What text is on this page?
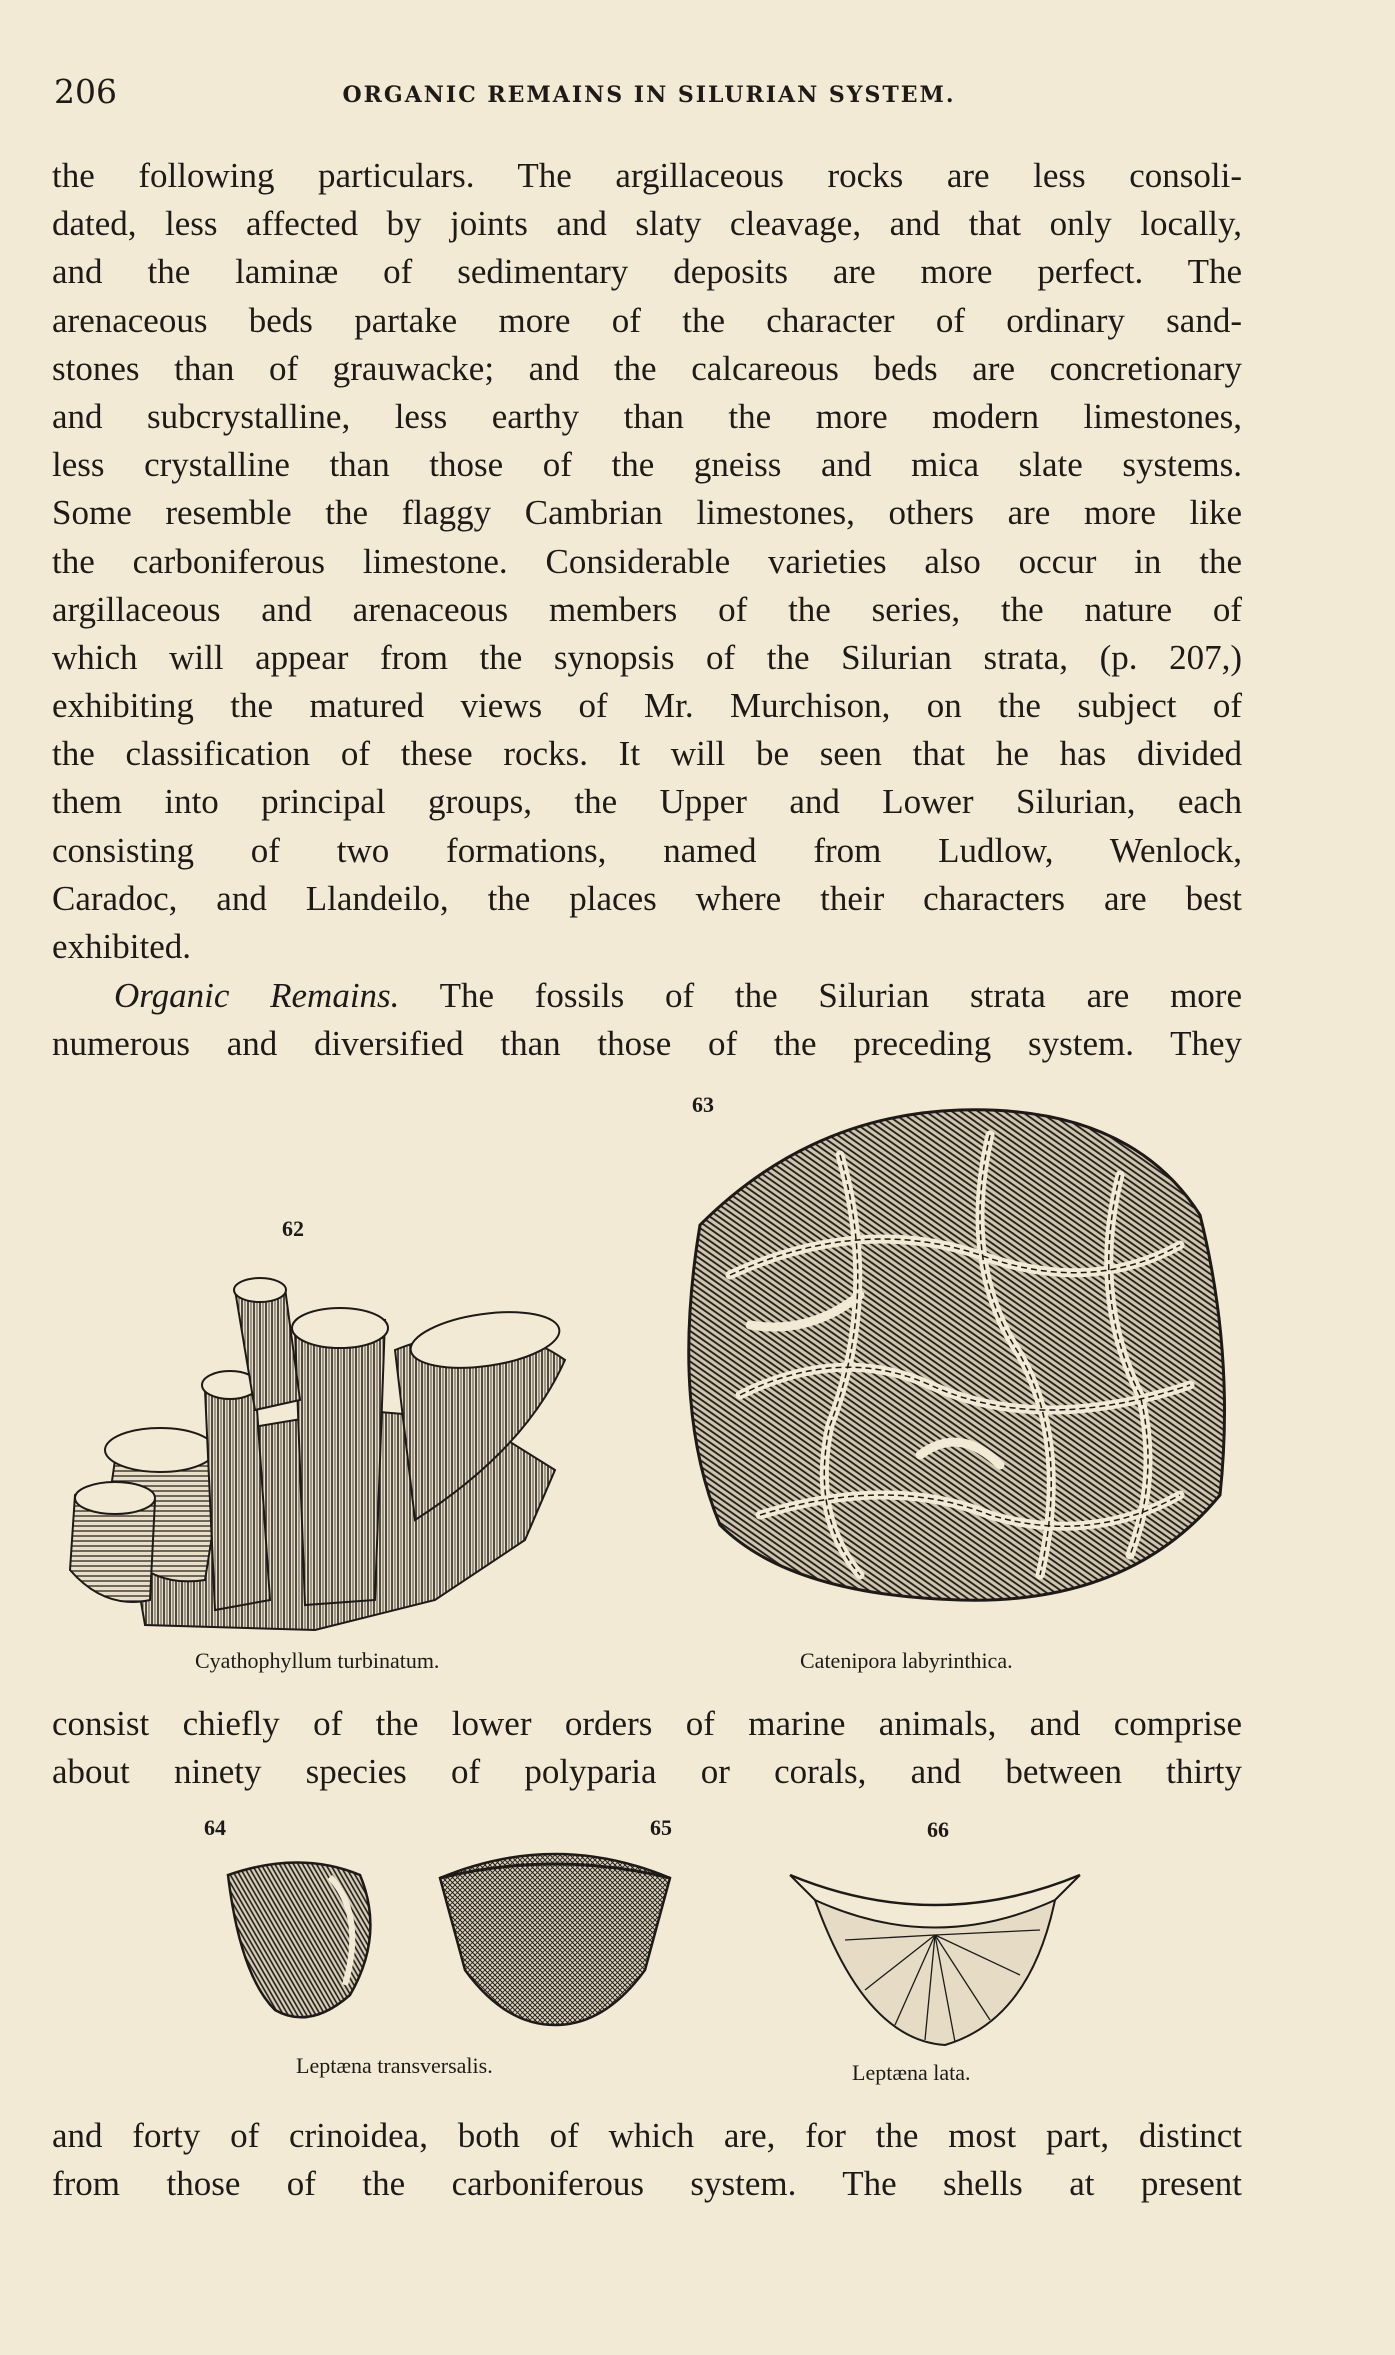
206	ORGANIC REMAINS IN SILURIAN SYSTEM.
the following particulars. The argillaceous rocks are less consoli-
dated, less affected by joints and slaty cleavage, and that only locally,
and the laminæ of sedimentary deposits are more perfect. The
arenaceous beds partake more of the character of ordinary sand-
stones than of grauwacke; and the calcareous beds are concretionary
and subcrystalline, less earthy than the more modern limestones,
less crystalline than those of the gneiss and mica slate systems.
Some resemble the flaggy Cambrian limestones, others are more like
the carboniferous limestone. Considerable varieties also occur in the
argillaceous and arenaceous members of the series, the nature of
which will appear from the synopsis of the Silurian strata, (p. 207,)
exhibiting the matured views of Mr. Murchison, on the subject of
the classification of these rocks. It will be seen that he has divided
them into principal groups, the Upper and Lower Silurian, each
consisting of two formations, named from Ludlow, Wenlock,
Caradoc, and Llandeilo, the places where their characters are best
exhibited.
Organic Remains. The fossils of the Silurian strata are more
numerous and diversified than those of the preceding system. They
62
Cyathophyllum turbinatum.
63
Catenipora labyrinthica.
consist chiefly of the lower orders of marine animals, and comprise
about ninety species of polyparia or corals, and between thirty
64	65	66
Leptæna transversalis.	Leptæna lata.
and forty of crinoidea, both of which are, for the most part, distinct
from those of the carboniferous system. The shells at present
